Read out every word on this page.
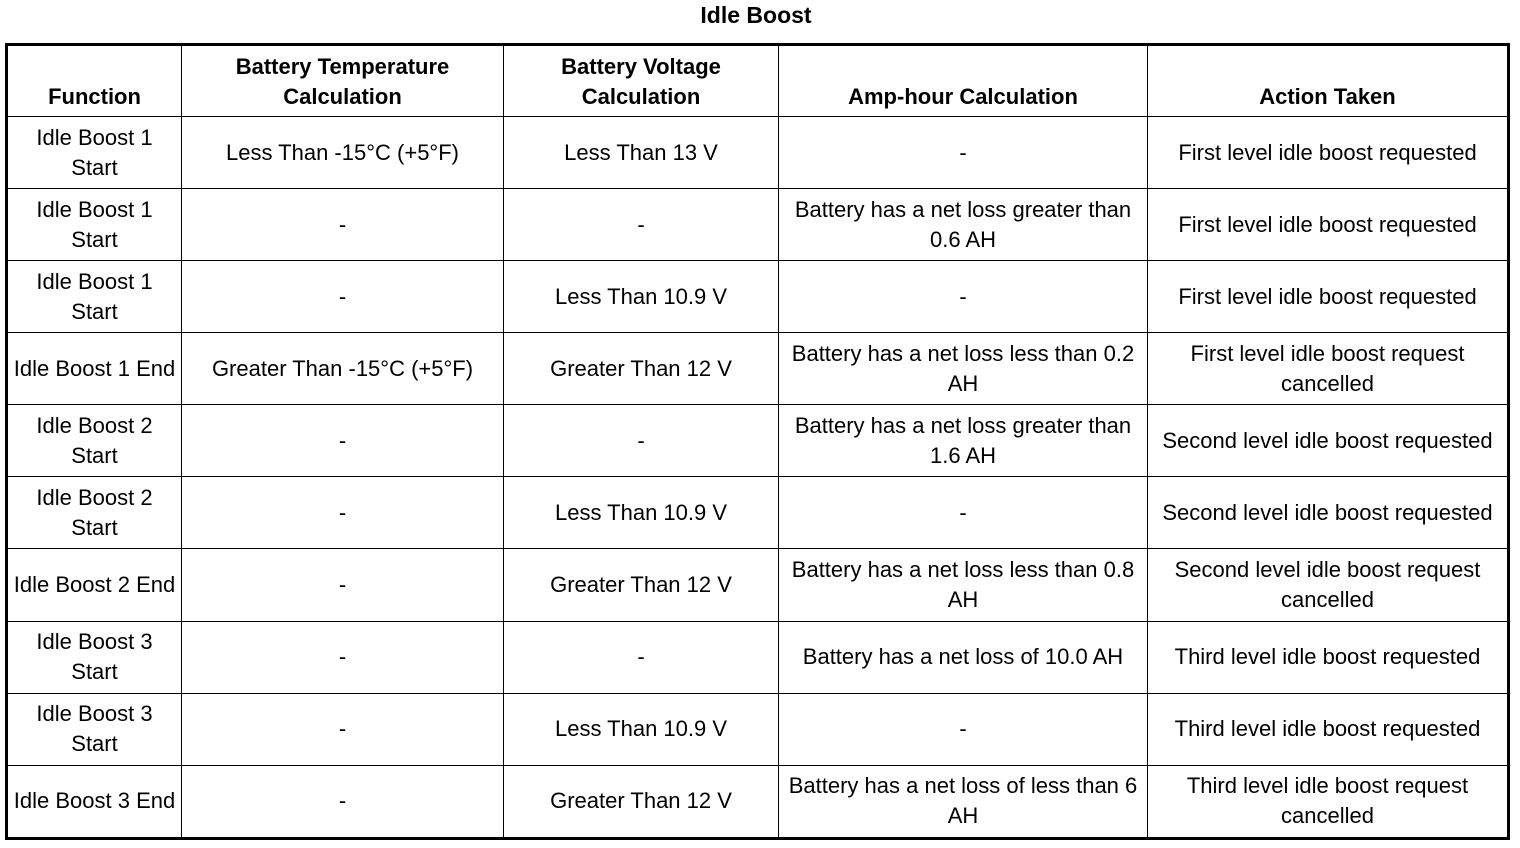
Idle Boost
Function	Battery Temperature Calculation	Battery Voltage Calculation	Amp-hour Calculation	Action Taken
Idle Boost 1 Start	Less Than -15°C (+5°F)	Less Than 13 V	-	First level idle boost requested
Idle Boost 1 Start	-	-	Battery has a net loss greater than 0.6 AH	First level idle boost requested
Idle Boost 1 Start	-	Less Than 10.9 V	-	First level idle boost requested
Idle Boost 1 End	Greater Than -15°C (+5°F)	Greater Than 12 V	Battery has a net loss less than 0.2 AH	First level idle boost request cancelled
Idle Boost 2 Start	-	-	Battery has a net loss greater than 1.6 AH	Second level idle boost requested
Idle Boost 2 Start	-	Less Than 10.9 V	-	Second level idle boost requested
Idle Boost 2 End	-	Greater Than 12 V	Battery has a net loss less than 0.8 AH	Second level idle boost request cancelled
Idle Boost 3 Start	-	-	Battery has a net loss of 10.0 AH	Third level idle boost requested
Idle Boost 3 Start	-	Less Than 10.9 V	-	Third level idle boost requested
Idle Boost 3 End	-	Greater Than 12 V	Battery has a net loss of less than 6 AH	Third level idle boost request cancelled
